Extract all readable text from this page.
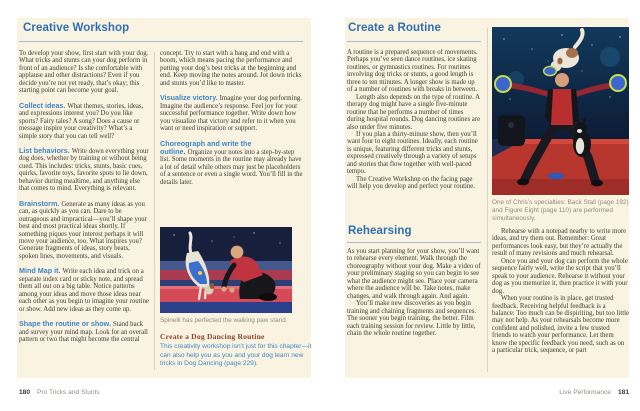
Creative Workshop

To develop your show, first start with your dog. What tricks and stunts can your dog perform in front of an audience? Is she comfortable with applause and other distractions? Even if you decide you’re not yet ready, that’s okay; this starting point can become your goal.

Collect ideas. What themes, stories, ideas, and expressions interest you? Do you like sports? Fairy tales? A song? Does a cause or message inspire your creativity? What’s a simple story that you can tell well?

List behaviors. Write down everything your dog does, whether by training or without being cued. This includes: tricks, stunts, basic cues, quirks, favorite toys, favorite spots to lie down, behavior during mealtime, and anything else that comes to mind. Everything is relevant.

Brainstorm. Generate as many ideas as you can, as quickly as you can. Dare to be outrageous and impractical—you’ll shape your best and most practical ideas shortly. If something piques your interest perhaps it will move your audience, too. What inspires you? Generate fragments of ideas, story beats, spoken lines, movements, and visuals.

Mind Map it. Write each idea and trick on a separate index card or sticky note, and spread them all out on a big table. Notice patterns among your ideas and move those ideas near each other as you begin to imagine your routine or show. Add new ideas as they come up.

Shape the routine or show. Stand back and survey your mind map. Look for an overall pattern or two that might become the central

concept. Try to start with a bang and end with a boom, which means pacing the performance and putting your dog’s best tricks at the beginning and end. Keep moving the notes around. Jot down tricks and stunts you’d like to master.

Visualize victory. Imagine your dog performing. Imagine the audience’s response. Feel joy for your successful performance together. Write down how you visualize that victory and refer to it when you want or need inspiration or support.

Choreograph and write the outline. Organize your notes into a step-by-step list. Some moments in the routine may already have a lot of detail while others may just be placeholders of a sentence or even a single word. You’ll fill in the details later.

Spinelli has perfected the walking paw stand.

Create a Dog Dancing Routine

This creativity workshop isn’t just for this chapter—it can also help you as you and your dog learn new tricks in Dog Dancing (page 229).

180 Pro Tricks and Stunts
Create a Routine

A routine is a prepared sequence of movements. Perhaps you’ve seen dance routines, ice skating routines, or gymnastics routines. For routines involving dog tricks or stunts, a good length is three to ten minutes. A longer show is made up of a number of routines with breaks in between.

Length also depends on the type of routine. A therapy dog might have a single five-minute routine that he performs a number of times during hospital rounds. Dog dancing routines are also under five minutes.

If you plan a thirty-minute show, then you’ll want four to eight routines. Ideally, each routine is unique, featuring different tricks and stunts, expressed creatively through a variety of setups and stories that flow together with well-paced tempo.

The Creative Workshop on the facing page will help you develop and perfect your routine.

Rehearsing

As you start planning for your show, you’ll want to rehearse every element. Walk through the choreography without your dog. Make a video of your preliminary staging so you can begin to see what the audience might see. Place your camera where the audience will be. Take notes, make changes, and walk through again. And again.

You’ll make new discoveries as you begin training and chaining fragments and sequences. The sooner you begin training, the better. Film each training session for review. Little by little, chain the whole routine together.

One of Chris’s specialties: Back Stall (page 192) and Figure Eight (page 110) are performed simultaneously.

Rehearse with a notepad nearby to write more ideas, and try them out. Remember: Great performances look easy, but they’re actually the result of many revisions and much rehearsal.

Once you and your dog can perform the whole sequence fairly well, write the script that you’ll speak to your audience. Rehearse it without your dog as you memorize it, then practice it with your dog.

When your routine is in place, get trusted feedback. Receiving helpful feedback is a balance: Too much can be dispiriting, but too little may not help. As your rehearsals become more confident and polished, invite a few trusted friends to watch your performance. Let them know the specific feedback you need, such as on a particular trick, sequence, or part

Live Performance 181
